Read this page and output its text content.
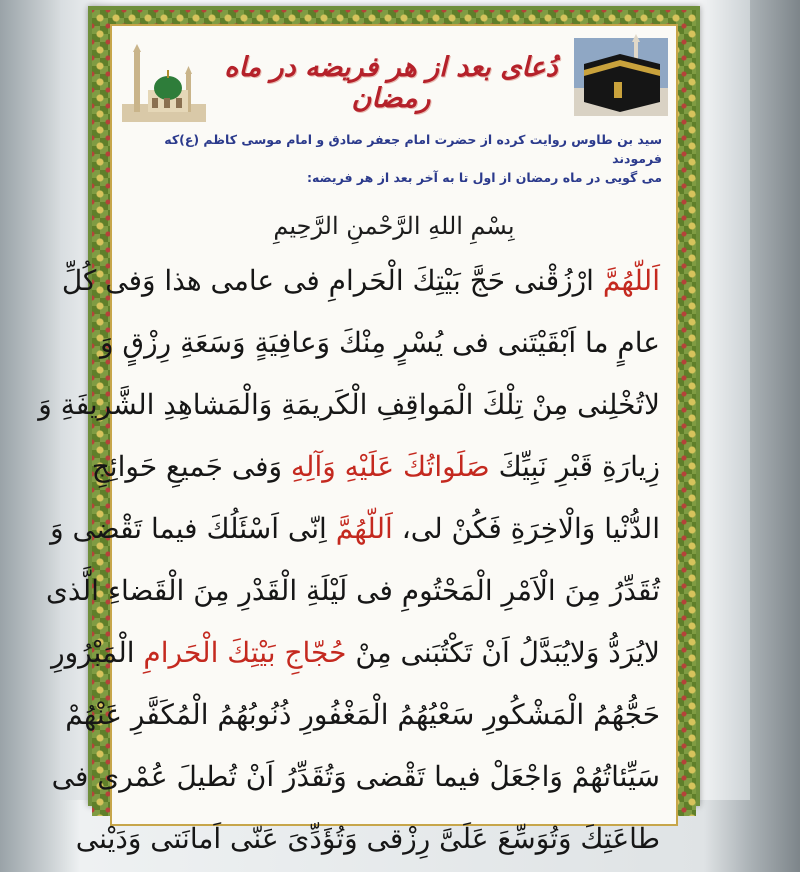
دُعای بعد از هر فریضه در ماه رمضان
سید بن طاوس روایت کرده از حضرت امام جعفر صادق و امام موسی کاظم (ع)که فرمودند
می گویی در ماه رمضان از اول تا به آخر بعد از هر فریضه:
بِسْمِ اللهِ الرَّحْمنِ الرَّحِيمِ
اَللّهُمَّ ارْزُقْنی حَجَّ بَیْتِكَ الْحَرامِ فی عامی هذا وَفی كُلِّ
عامٍ ما اَبْقَیْتَنی فی یُسْرٍ مِنْكَ وَعافِیَةٍ وَسَعَةِ رِزْقٍ وَ
لاتُخْلِنی مِنْ تِلْكَ الْمَواقِفِ الْكَریمَةِ وَالْمَشاهِدِ الشَّریفَةِ وَ
زِیارَةِ قَبْرِ نَبِیِّكَ صَلَواتُكَ عَلَیْهِ وَآلِهِ وَفی جَمیعِ حَوائِجِ
الدُّنْیا وَالْاخِرَةِ فَكُنْ لی، اَللّهُمَّ اِنّی اَسْئَلُكَ فیما تَقْضی وَ
تُقَدِّرُ مِنَ الْاَمْرِ الْمَحْتُومِ فی لَیْلَةِ الْقَدْرِ مِنَ الْقَضاءِ الَّذی
لایُرَدُّ وَلایُبَدَّلُ اَنْ تَكْتُبَنی مِنْ حُجّاجِ بَیْتِكَ الْحَرامِ الْمَبْرُورِ
حَجُّهُمُ الْمَشْكُورِ سَعْیُهُمُ الْمَغْفُورِ ذُنُوبُهُمُ الْمُكَفَّرِ عَنْهُمْ
سَیِّئاتُهُمْ وَاجْعَلْ فیما تَقْضی وَتُقَدِّرُ اَنْ تُطیلَ عُمْری فی
طاعَتِكَ وَتُوَسِّعَ عَلَیَّ رِزْقی وَتُؤَدِّیَ عَنّی اَمانَتی وَدَیْنی
